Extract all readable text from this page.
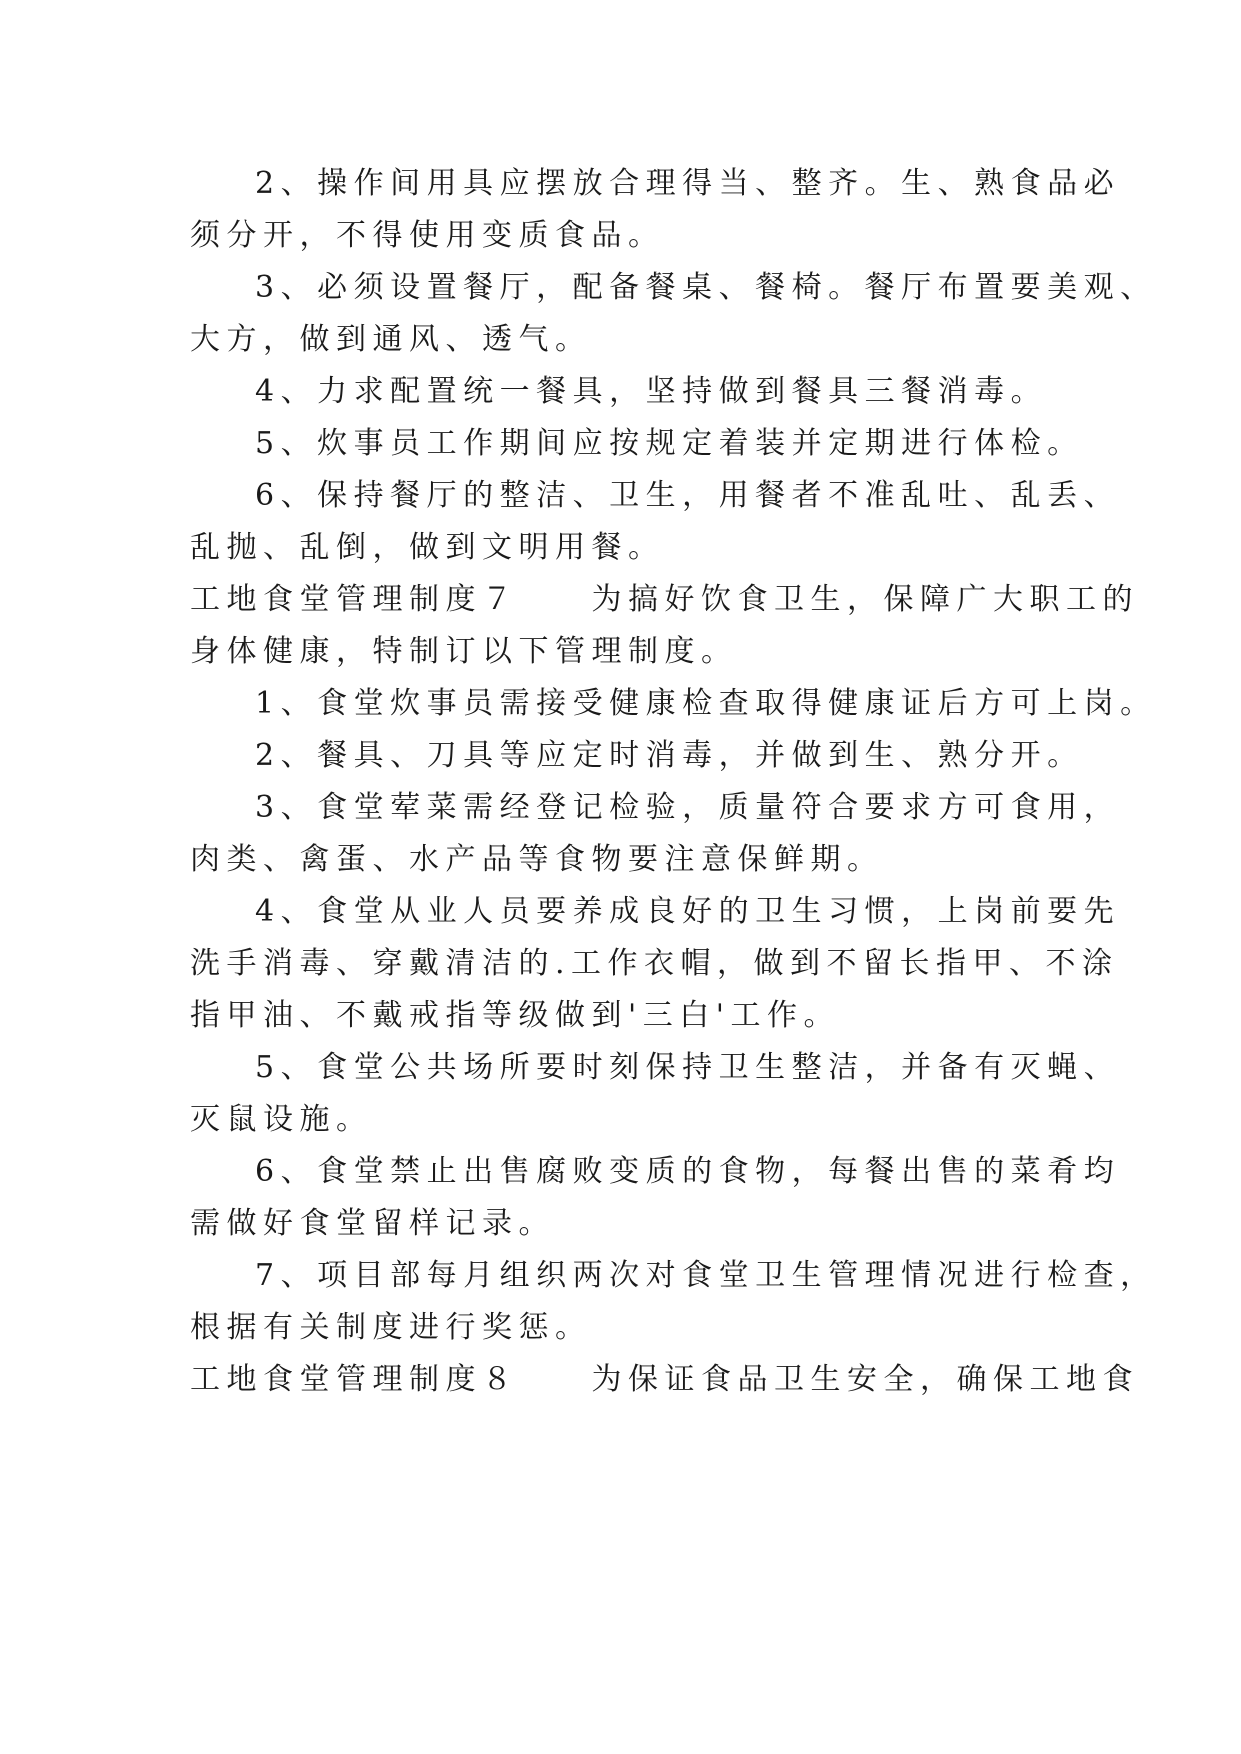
2、操作间用具应摆放合理得当、整齐。生、熟食品必
须分开，不得使用变质食品。
3、必须设置餐厅，配备餐桌、餐椅。餐厅布置要美观、
大方，做到通风、透气。
4、力求配置统一餐具，坚持做到餐具三餐消毒。
5、炊事员工作期间应按规定着装并定期进行体检。
6、保持餐厅的整洁、卫生，用餐者不准乱吐、乱丢、
乱抛、乱倒，做到文明用餐。
工地食堂管理制度７　　为搞好饮食卫生，保障广大职工的
身体健康，特制订以下管理制度。
1、食堂炊事员需接受健康检查取得健康证后方可上岗。
2、餐具、刀具等应定时消毒，并做到生、熟分开。
3、食堂荤菜需经登记检验，质量符合要求方可食用，
肉类、禽蛋、水产品等食物要注意保鲜期。
4、食堂从业人员要养成良好的卫生习惯，上岗前要先
洗手消毒、穿戴清洁的.工作衣帽，做到不留长指甲、不涂
指甲油、不戴戒指等级做到'三白'工作。
5、食堂公共场所要时刻保持卫生整洁，并备有灭蝇、
灭鼠设施。
6、食堂禁止出售腐败变质的食物，每餐出售的菜肴均
需做好食堂留样记录。
7、项目部每月组织两次对食堂卫生管理情况进行检查，
根据有关制度进行奖惩。
工地食堂管理制度８　　为保证食品卫生安全，确保工地食
